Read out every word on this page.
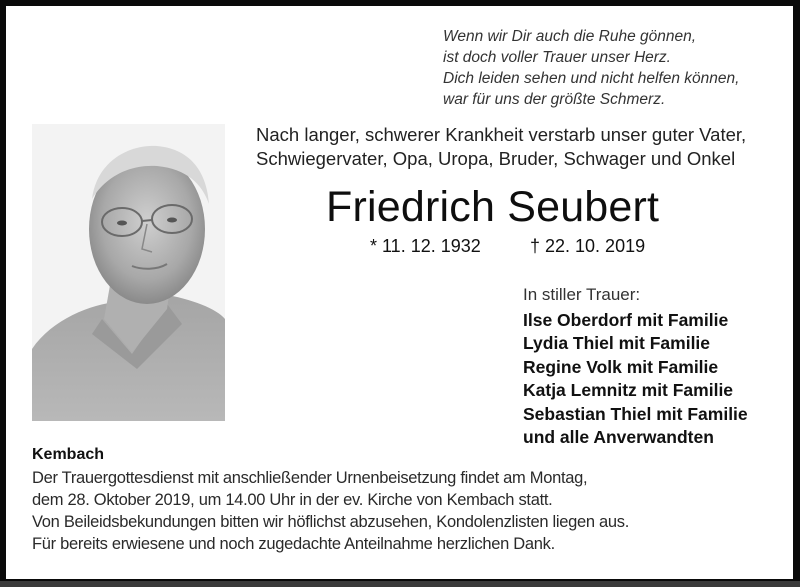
Wenn wir Dir auch die Ruhe gönnen,
ist doch voller Trauer unser Herz.
Dich leiden sehen und nicht helfen können,
war für uns der größte Schmerz.
Nach langer, schwerer Krankheit verstarb unser guter Vater,
Schwiegervater, Opa, Uropa, Bruder, Schwager und Onkel
Friedrich Seubert
* 11. 12. 1932	† 22. 10. 2019
In stiller Trauer:
Ilse Oberdorf mit Familie
Lydia Thiel mit Familie
Regine Volk mit Familie
Katja Lemnitz mit Familie
Sebastian Thiel mit Familie
und alle Anverwandten
Kembach
Der Trauergottesdienst mit anschließender Urnenbeisetzung findet am Montag,
dem 28. Oktober 2019, um 14.00 Uhr in der ev. Kirche von Kembach statt.
Von Beileidsbekundungen bitten wir höflichst abzusehen, Kondolenzlisten liegen aus.
Für bereits erwiesene und noch zugedachte Anteilnahme herzlichen Dank.
